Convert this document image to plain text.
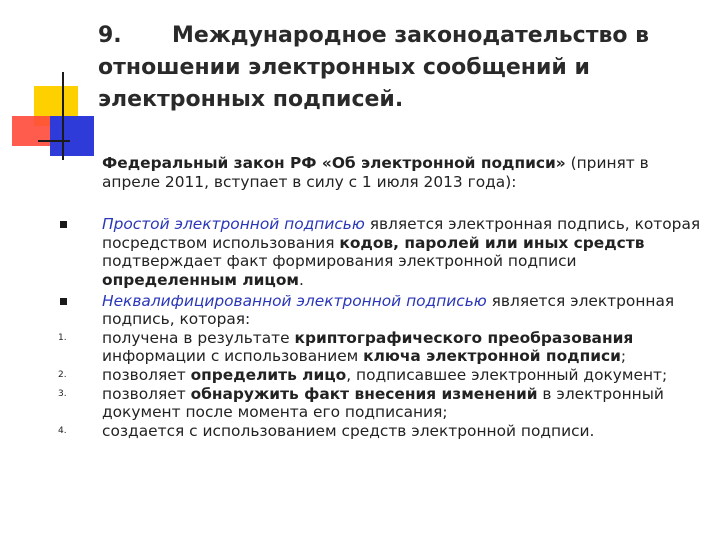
9. Международное законодательство в отношении электронных сообщений и электронных подписей.
Федеральный закон РФ «Об электронной подписи» (принят в апреле 2011, вступает в силу с 1 июля 2013 года):
Простой электронной подписью является электронная подпись, которая посредством использования кодов, паролей или иных средств подтверждает факт формирования электронной подписи определенным лицом.
Неквалифицированной электронной подписью является электронная подпись, которая:
1. получена в результате криптографического преобразования информации с использованием ключа электронной подписи;
2. позволяет определить лицо, подписавшее электронный документ;
3. позволяет обнаружить факт внесения изменений в электронный документ после момента его подписания;
4. создается с использованием средств электронной подписи.
